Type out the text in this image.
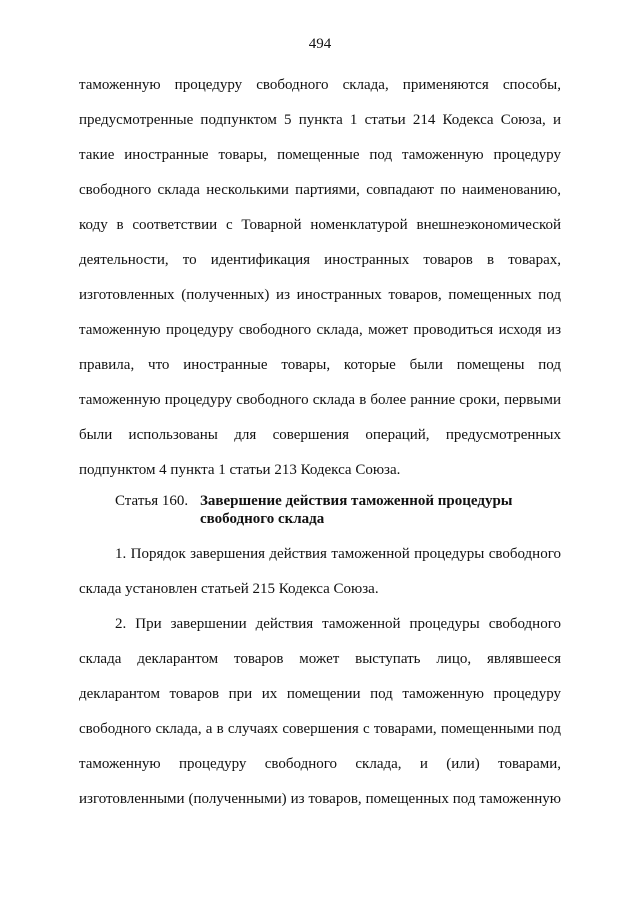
494
таможенную процедуру свободного склада, применяются способы,
предусмотренные подпунктом 5 пункта 1 статьи 214 Кодекса Союза, и
такие иностранные товары, помещенные под таможенную процедуру
свободного склада несколькими партиями, совпадают по наименованию,
коду в соответствии с Товарной номенклатурой внешнеэкономической
деятельности, то идентификация иностранных товаров в товарах,
изготовленных (полученных) из иностранных товаров, помещенных под
таможенную процедуру свободного склада, может проводиться исходя из
правила, что иностранные товары, которые были помещены под
таможенную процедуру свободного склада в более ранние сроки, первыми
были использованы для совершения операций, предусмотренных
подпунктом 4 пункта 1 статьи 213 Кодекса Союза.
Статья 160. Завершение действия таможенной процедуры
свободного склада
1. Порядок завершения действия таможенной процедуры свободного
склада установлен статьей 215 Кодекса Союза.
2. При завершении действия таможенной процедуры свободного
склада декларантом товаров может выступать лицо, являвшееся
декларантом товаров при их помещении под таможенную процедуру
свободного склада, а в случаях совершения с товарами, помещенными под
таможенную процедуру свободного склада, и (или) товарами,
изготовленными (полученными) из товаров, помещенных под таможенную
